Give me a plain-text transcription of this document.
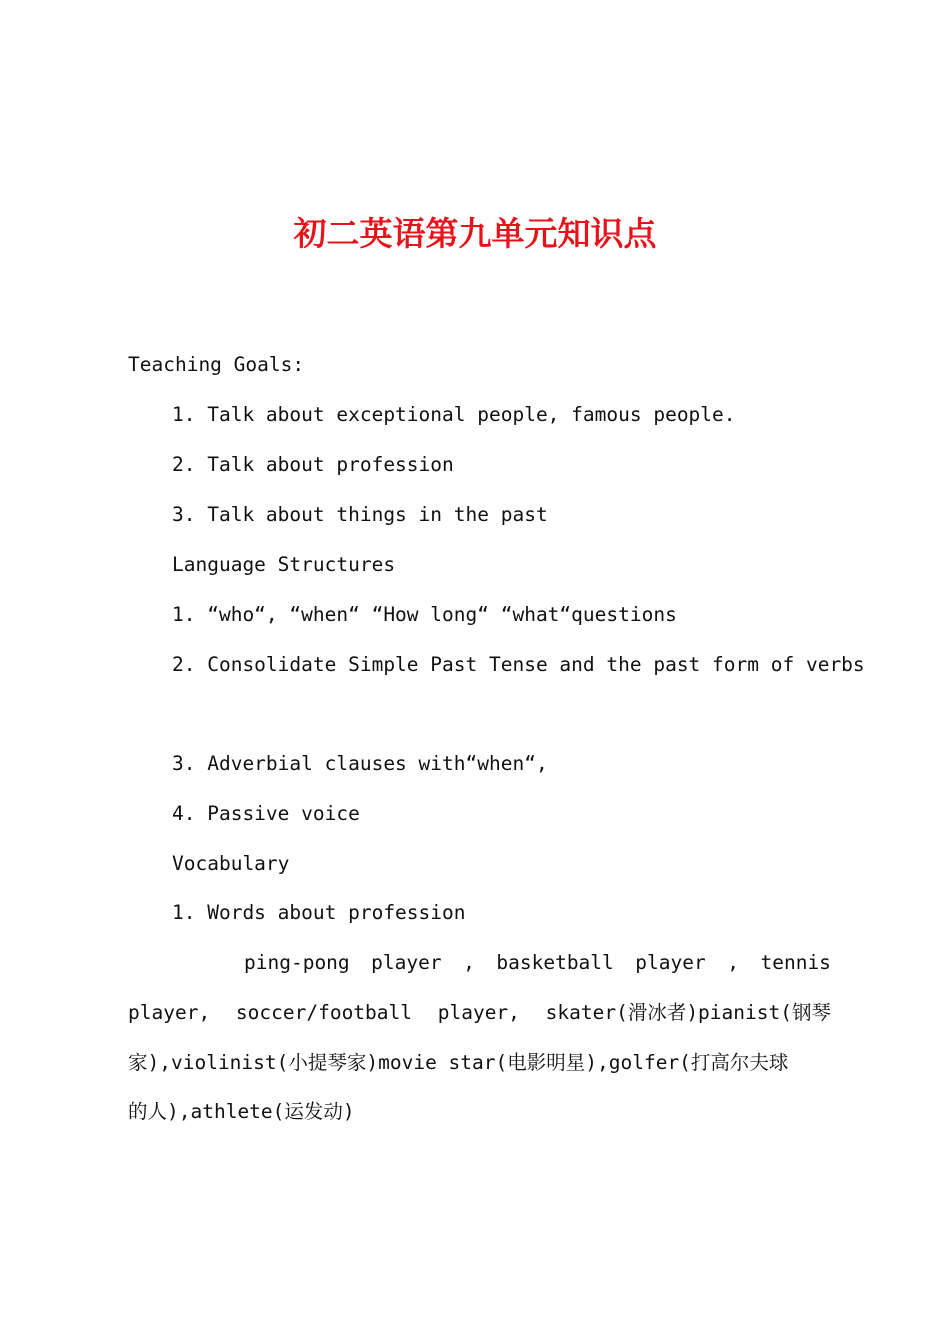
初二英语第九单元知识点
Teaching Goals:
1. Talk about exceptional people, famous people.
2. Talk about profession
3. Talk about things in the past
Language Structures
1. “who“, “when“ “How long“ “what“questions
2. Consolidate Simple Past Tense and the past form of verbs
3. Adverbial clauses with“when“,
4. Passive voice
Vocabulary
1. Words about profession
ping-pong player , basketball player , tennis
player, soccer/football player, skater(滑冰者)pianist(钢琴
家),violinist(小提琴家)movie star(电影明星),golfer(打高尔夫球
的人),athlete(运发动)
